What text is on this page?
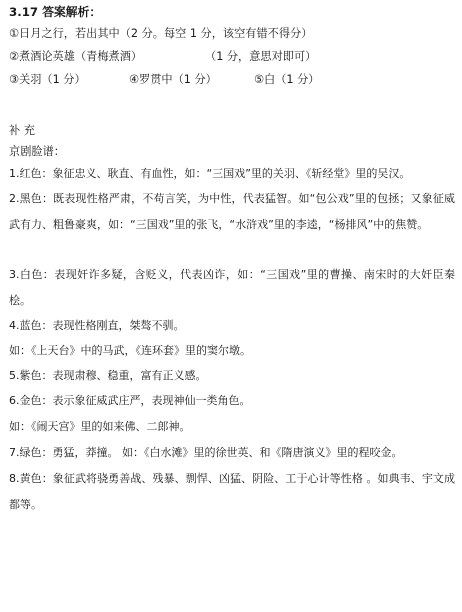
3.17 答案解析：
①日月之行，若出其中（2 分。每空 1 分，该空有错不得分）
②煮酒论英雄（青梅煮酒）	（1 分，意思对即可）
③关羽（1 分）	④罗贯中（1 分）	⑤白（1 分）
补 充
京剧脸谱：
1.红色：象征忠义、耿直、有血性，如：“三国戏”里的关羽、《斩经堂》里的吴汉。
2.黑色：既表现性格严肃，不苟言笑，为中性，代表猛智。如“包公戏”里的包拯；又象征威武有力、粗鲁豪爽，如：“三国戏”里的张飞，“水浒戏”里的李逵，“杨排风”中的焦赞。
3.白色：表现奸诈多疑，含贬义，代表凶诈，如：“三国戏”里的曹操、南宋时的大奸臣秦桧。
4.蓝色：表现性格刚直，桀骜不驯。
如：《上天台》中的马武，《连环套》里的窦尔墩。
5.紫色：表现肃穆、稳重，富有正义感。
6.金色：表示象征威武庄严，表现神仙一类角色。
如：《闹天宫》里的如来佛、二郎神。
7.绿色：勇猛，莽撞。 如：《白水滩》里的徐世英、和《隋唐演义》里的程咬金。
8.黄色：象征武将骁勇善战、残暴、剽悍、凶猛、阴险、工于心计等性格 。如典韦、宇文成都等。
